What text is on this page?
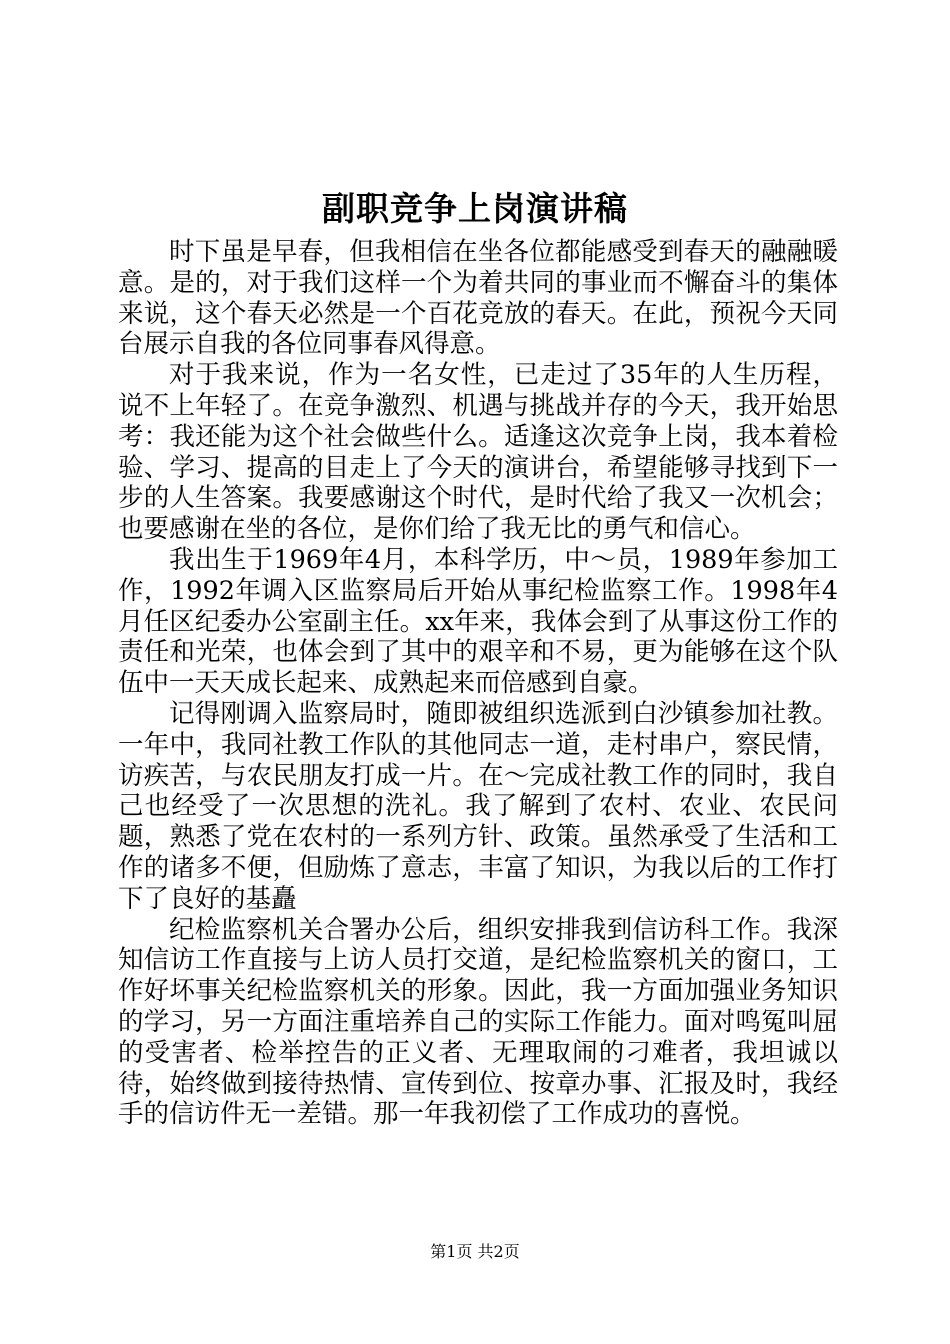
副职竞争上岗演讲稿

时下虽是早春，但我相信在坐各位都能感受到春天的融融暖意。是的，对于我们这样一个为着共同的事业而不懈奋斗的集体来说，这个春天必然是一个百花竞放的春天。在此，预祝今天同台展示自我的各位同事春风得意。

对于我来说，作为一名女性，已走过了35年的人生历程，说不上年轻了。在竞争激烈、机遇与挑战并存的今天，我开始思考：我还能为这个社会做些什么。适逢这次竞争上岗，我本着检验、学习、提高的目走上了今天的演讲台，希望能够寻找到下一步的人生答案。我要感谢这个时代，是时代给了我又一次机会；也要感谢在坐的各位，是你们给了我无比的勇气和信心。

我出生于1969年4月，本科学历，中～员，1989年参加工作，1992年调入区监察局后开始从事纪检监察工作。1998年4月任区纪委办公室副主任。xx年来，我体会到了从事这份工作的责任和光荣，也体会到了其中的艰辛和不易，更为能够在这个队伍中一天天成长起来、成熟起来而倍感到自豪。

记得刚调入监察局时，随即被组织选派到白沙镇参加社教。一年中，我同社教工作队的其他同志一道，走村串户，察民情，访疾苦，与农民朋友打成一片。在～完成社教工作的同时，我自己也经受了一次思想的洗礼。我了解到了农村、农业、农民问题，熟悉了党在农村的一系列方针、政策。虽然承受了生活和工作的诸多不便，但励炼了意志，丰富了知识，为我以后的工作打下了良好的基矗

纪检监察机关合署办公后，组织安排我到信访科工作。我深知信访工作直接与上访人员打交道，是纪检监察机关的窗口，工作好坏事关纪检监察机关的形象。因此，我一方面加强业务知识的学习，另一方面注重培养自己的实际工作能力。面对鸣冤叫屈的受害者、检举控告的正义者、无理取闹的刁难者，我坦诚以待，始终做到接待热情、宣传到位、按章办事、汇报及时，我经手的信访件无一差错。那一年我初偿了工作成功的喜悦。

第1页 共2页
